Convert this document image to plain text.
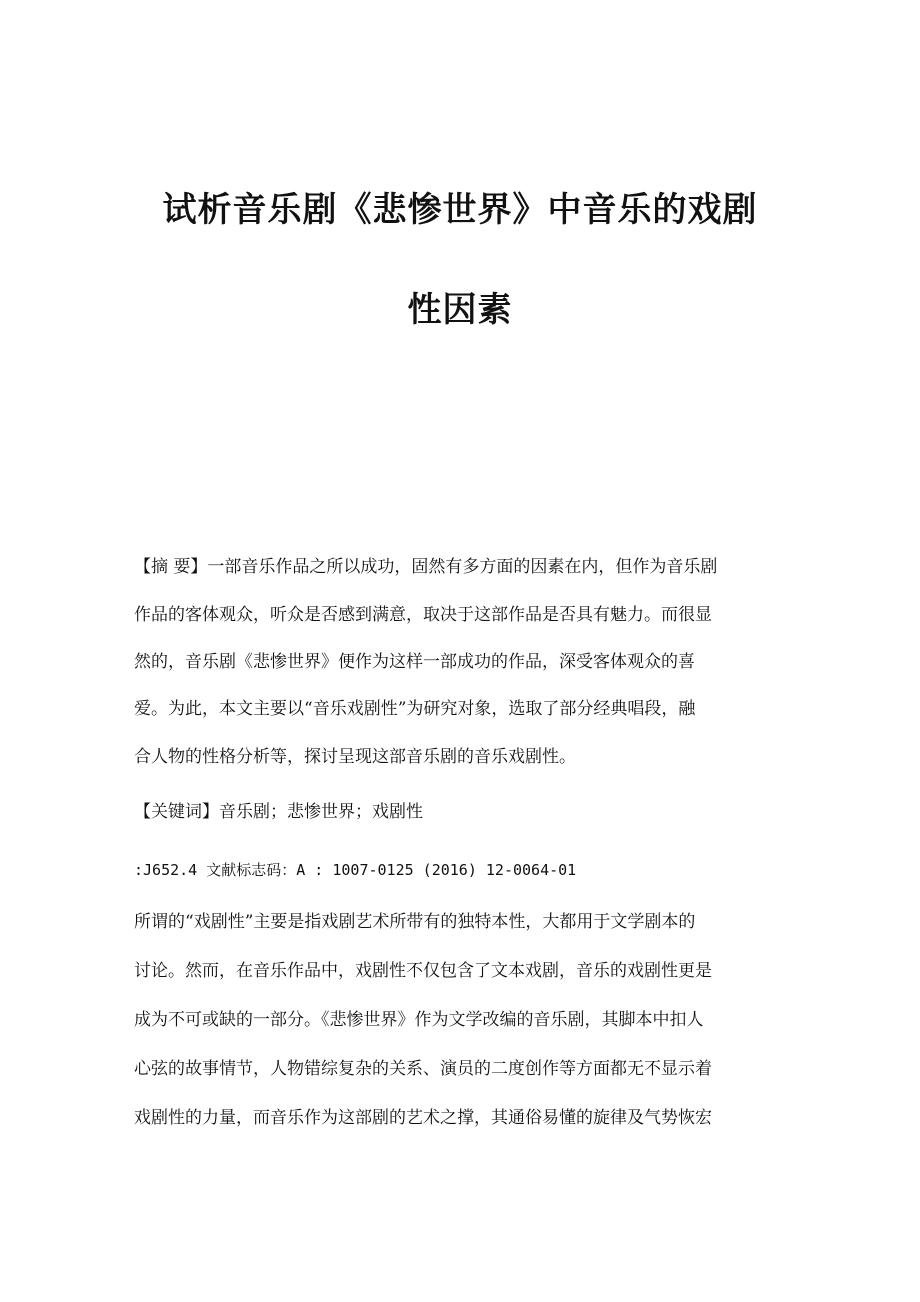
试析音乐剧《悲惨世界》中音乐的戏剧
性因素
【摘 要】一部音乐作品之所以成功，固然有多方面的因素在内，但作为音乐剧
作品的客体观众，听众是否感到满意，取决于这部作品是否具有魅力。而很显
然的，音乐剧《悲惨世界》便作为这样一部成功的作品，深受客体观众的喜
爱。为此，本文主要以“音乐戏剧性”为研究对象，选取了部分经典唱段，融
合人物的性格分析等，探讨呈现这部音乐剧的音乐戏剧性。
【关键词】音乐剧；悲惨世界；戏剧性
:J652.4 文献标志码：A : 1007-0125 (2016) 12-0064-01
所谓的“戏剧性”主要是指戏剧艺术所带有的独特本性，大都用于文学剧本的
讨论。然而，在音乐作品中，戏剧性不仅包含了文本戏剧，音乐的戏剧性更是
成为不可或缺的一部分。《悲惨世界》作为文学改编的音乐剧，其脚本中扣人
心弦的故事情节，人物错综复杂的关系、演员的二度创作等方面都无不显示着
戏剧性的力量，而音乐作为这部剧的艺术之撑，其通俗易懂的旋律及气势恢宏
